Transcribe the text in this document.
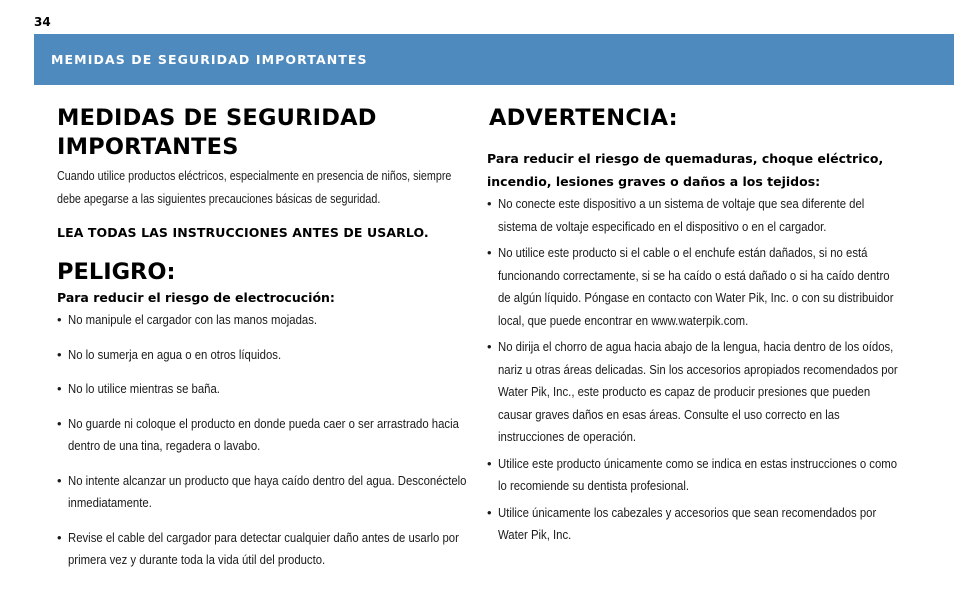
34
MEMIDAS DE SEGURIDAD IMPORTANTES
MEDIDAS DE SEGURIDAD IMPORTANTES

Cuando utilice productos eléctricos, especialmente en presencia de niños, siempre debe apegarse a las siguientes precauciones básicas de seguridad.

LEA TODAS LAS INSTRUCCIONES ANTES DE USARLO.

PELIGRO:

Para reducir el riesgo de electrocución:

• No manipule el cargador con las manos mojadas.
• No lo sumerja en agua o en otros líquidos.
• No lo utilice mientras se baña.
• No guarde ni coloque el producto en donde pueda caer o ser arrastrado hacia dentro de una tina, regadera o lavabo.
• No intente alcanzar un producto que haya caído dentro del agua. Desconéctelo inmediatamente.
• Revise el cable del cargador para detectar cualquier daño antes de usarlo por primera vez y durante toda la vida útil del producto.
ADVERTENCIA:

Para reducir el riesgo de quemaduras, choque eléctrico, incendio, lesiones graves o daños a los tejidos:

• No conecte este dispositivo a un sistema de voltaje que sea diferente del sistema de voltaje especificado en el dispositivo o en el cargador.
• No utilice este producto si el cable o el enchufe están dañados, si no está funcionando correctamente, si se ha caído o está dañado o si ha caído dentro de algún líquido. Póngase en contacto con Water Pik, Inc. o con su distribuidor local, que puede encontrar en www.waterpik.com.
• No dirija el chorro de agua hacia abajo de la lengua, hacia dentro de los oídos, nariz u otras áreas delicadas. Sin los accesorios apropiados recomendados por Water Pik, Inc., este producto es capaz de producir presiones que pueden causar graves daños en esas áreas. Consulte el uso correcto en las instrucciones de operación.
• Utilice este producto únicamente como se indica en estas instrucciones o como lo recomiende su dentista profesional.
• Utilice únicamente los cabezales y accesorios que sean recomendados por Water Pik, Inc.
